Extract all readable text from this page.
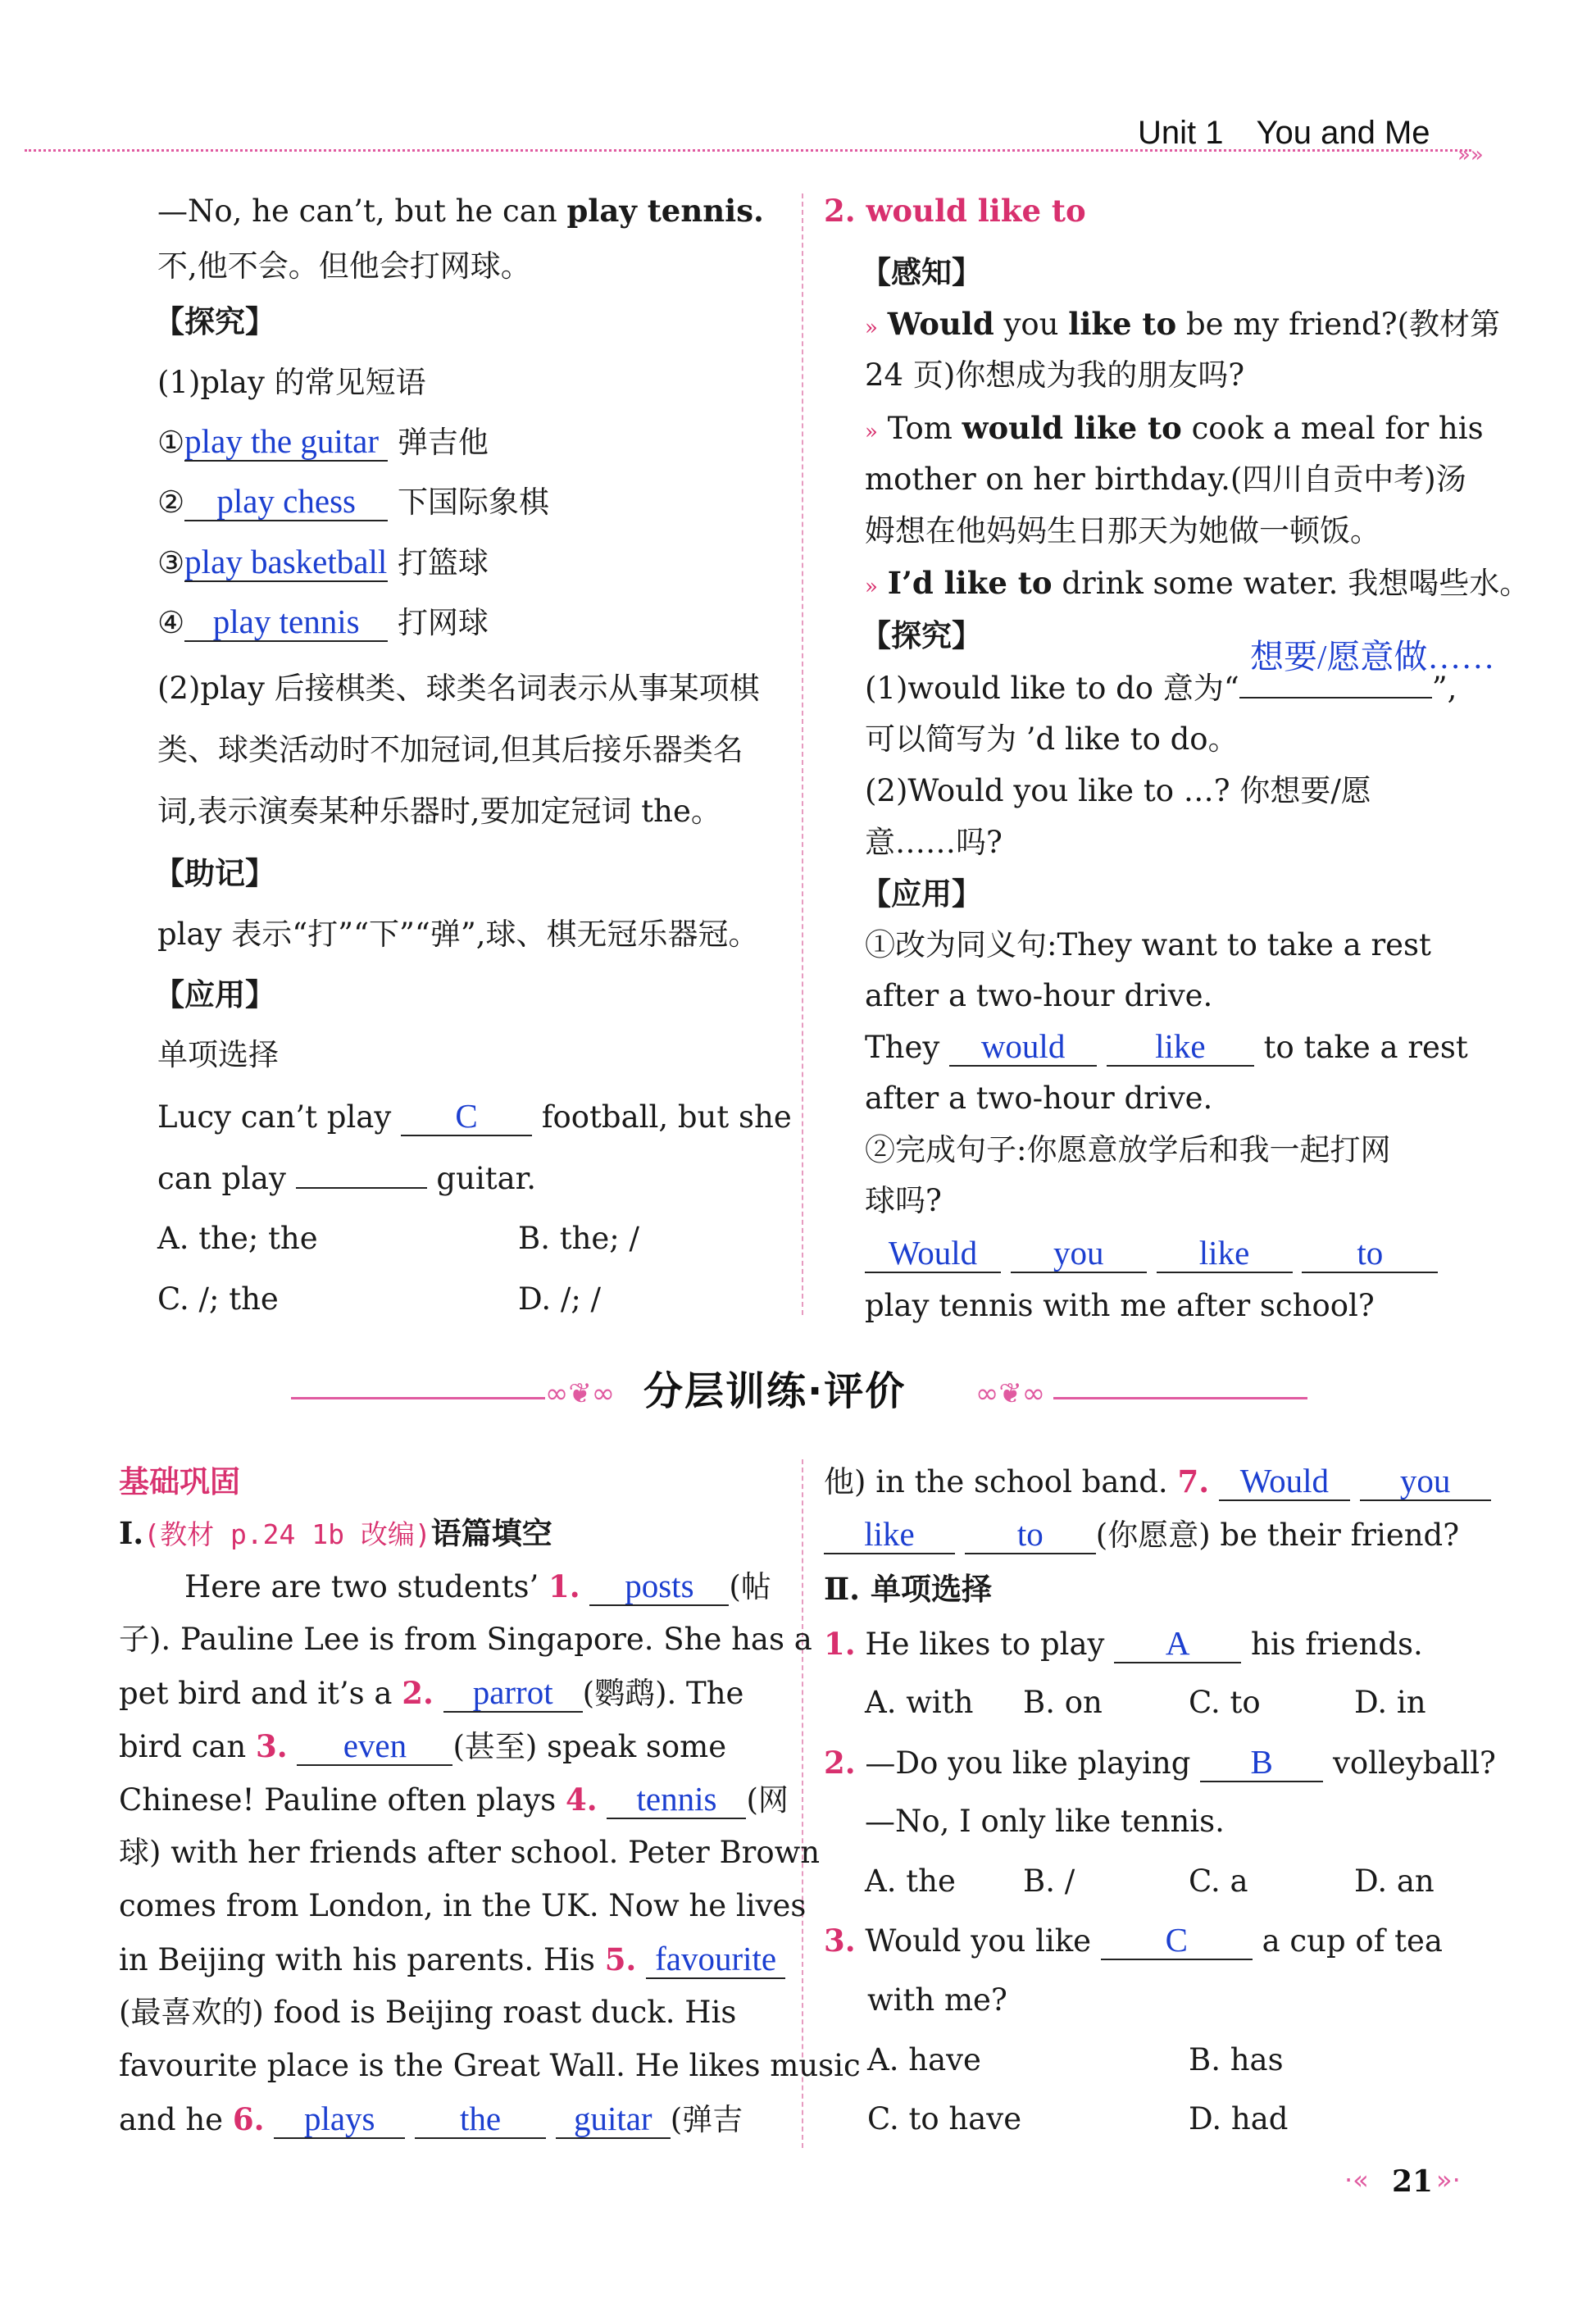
Unit 1 You and Me
»»
—No, he can’t, but he can play tennis.
不,他不会。但他会打网球。
【探究】
(1)play 的常见短语
①play the guitar 弹吉他
② play chess 下国际象棋
③play basketball 打篮球
④ play tennis 打网球
(2)play 后接棋类、球类名词表示从事某项棋
类、球类活动时不加冠词,但其后接乐器类名
词,表示演奏某种乐器时,要加定冠词 the。
【助记】
play 表示“打”“下”“弹”,球、棋无冠乐器冠。
【应用】
单项选择
Lucy can’t play C football, but she
can play	guitar.
A. the; the	B. the; /
C. /; the	D. /; /
2. would like to
【感知】
» Would you like to be my friend?(教材第
24 页)你想成为我的朋友吗?
» Tom would like to cook a meal for his
mother on her birthday.(四川自贡中考)汤
姆想在他妈妈生日那天为她做一顿饭。
» I’d like to drink some water. 我想喝些水。
【探究】
想要/愿意做……
(1)would like to do 意为“	”,
可以简写为 ’d like to do。
(2)Would you like to …? 你想要/愿
意……吗?
【应用】
①改为同义句:They want to take a rest
after a two-hour drive.
They would	like to take a rest
after a two-hour drive.
②完成句子:你愿意放学后和我一起打网
球吗?
Would you	like	to
play tennis with me after school?
∞❦∞	∞❦∞
分层训练·评价
基础巩固
Ⅰ.(教材 p.24 1b 改编)语篇填空
Here are two students’ 1. posts (帖
子). Pauline Lee is from Singapore. She has a
pet bird and it’s a 2. parrot (鹦鹉). The
bird can 3. even (甚至) speak some
Chinese! Pauline often plays 4. tennis (网
球) with her friends after school. Peter Brown
comes from London, in the UK. Now he lives
in Beijing with his parents. His 5. favourite
(最喜欢的) food is Beijing roast duck. His
favourite place is the Great Wall. He likes music
and he 6. plays	the guitar (弹吉
他) in the school band. 7. Would you
like	to (你愿意) be their friend?
Ⅱ. 单项选择
1. He likes to play A his friends.
A. with B. on	C. to	D. in
2. —Do you like playing B volleyball?
—No, I only like tennis.
A. the B. /	C. a	D. an
3. Would you like C a cup of tea
with me?
A. have	B. has
C. to have	D. had
·« 21 »·
